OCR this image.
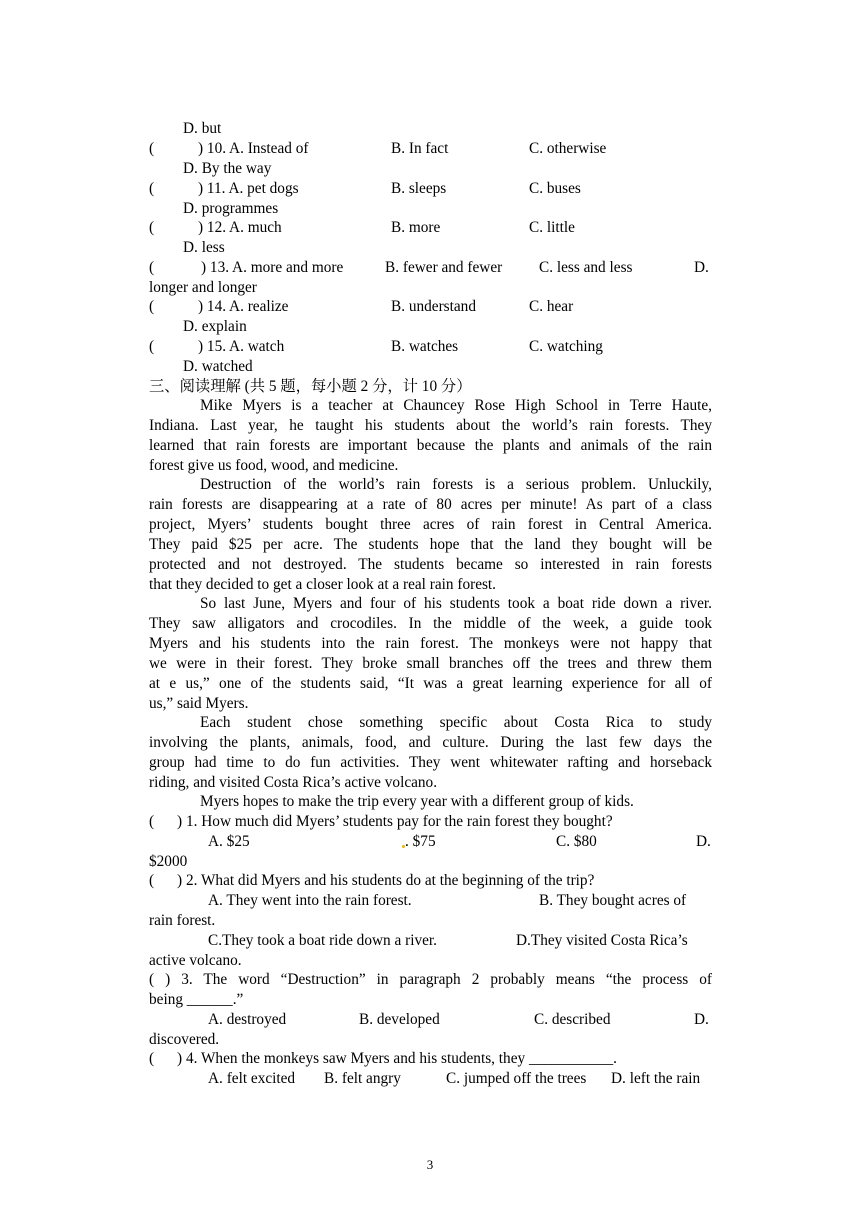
D. but

(

	) 10. A. Instead of

	B. In fact

	C. otherwise

D. By the way

(

	) 11. A. pet dogs

	B. sleeps

	C. buses

D. programmes

(

	) 12. A. much

	B. more

	C. little

D. less

(

	) 13. A. more and more

	B. fewer and fewer

C. less and less

	D.

longer and longer

(

	) 14. A. realize

	B. understand

	C. hear

D. explain

(

	) 15. A. watch

	B. watches

	C. watching

D. watched
三、阅读理解 (共 5 题，每小题 2 分，计 10 分）
Mike Myers is a teacher at Chauncey Rose High School in Terre Haute,
Indiana. Last year, he taught his students about the world’s rain forests. They
learned that rain forests are important because the plants and animals of the rain
forest give us food, wood, and medicine.
Destruction of the world’s rain forests is a serious problem. Unluckily,
rain forests are disappearing at a rate of 80 acres per minute! As part of a class
project, Myers’ students bought three acres of rain forest in Central America.
They paid $25 per acre. The students hope that the land they bought will be
protected and not destroyed. The students became so interested in rain forests
that they decided to get a closer look at a real rain forest.
So last June, Myers and four of his students took a boat ride down a river.
They saw alligators and crocodiles. In the middle of the week, a guide took
Myers and his students into the rain forest. The monkeys were not happy that
we were in their forest. They broke small branches off the trees and threw them
at e us,” one of the students said, “It was a great learning experience for all of
us,” said Myers.
Each student chose something specific about Costa Rica to study
involving the plants, animals, food, and culture. During the last few days the
group had time to do fun activities. They went whitewater rafting and horseback
riding, and visited Costa Rica’s active volcano.
Myers hopes to make the trip every year with a different group of kids.
(      ) 1. How much did Myers’ students pay for the rain forest they bought?

A. $25

	. $75

	C. $80

	D.

$2000
(      ) 2. What did Myers and his students do at the beginning of the trip?

A. They went into the rain forest.

	B. They bought acres of

rain forest.

C.They took a boat ride down a river.

	D.They visited Costa Rica’s

active volcano.
( ) 3. The word “Destruction” in paragraph 2 probably means “the process of
being ______.”

A. destroyed

	B. developed

	C. described

	D.

discovered.
(      ) 4. When the monkeys saw Myers and his students, they ___________.

A. felt excited

B. felt angry

	C. jumped off the trees

D. left the rain

3
